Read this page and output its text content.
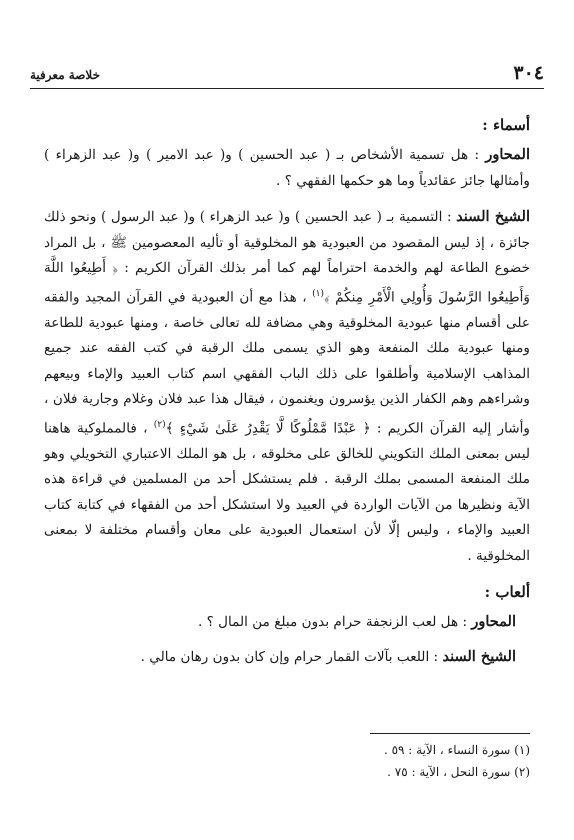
٣٠٤
خلاصة معرفية
أسماء :

المحاور : هل تسمية الأشخاص بـ ( عبد الحسين ) و( عبد الامير ) و( عبد الزهراء ) وأمثالها جائز عقائدياً وما هو حكمها الفقهي ؟ .

الشيخ السند : التسمية بـ ( عبد الحسين ) و( عبد الزهراء ) و( عبد الرسول ) ونحو ذلك جائزة ، إذ ليس المقصود من العبودية هو المخلوقية أو تأليه المعصومين ﷺ ، بل المراد خضوع الطاعة لهم والخدمة احتراماً لهم كما أمر بذلك القرآن الكريم : ﴿ أَطِيعُوا اللَّهَ وَأَطِيعُوا الرَّسُولَ وَأُولِي الْأَمْرِ مِنكُمْ ﴾$^{(١)}$ ، هذا مع أن العبودية في القرآن المجيد والفقه على أقسام منها عبودية المخلوقية وهي مضافة لله تعالى خاصة ، ومنها عبودية للطاعة ومنها عبودية ملك المنفعة وهو الذي يسمى ملك الرقبة في كتب الفقه عند جميع المذاهب الإسلامية وأطلقوا على ذلك الباب الفقهي اسم كتاب العبيد والإماء وبيعهم وشراءهم وهم الكفار الذين يؤسرون ويغنمون ، فيقال هذا عبد فلان وغلام وجارية فلان ، وأشار إليه القرآن الكريم : ﴿ عَبْدًا مَّمْلُوكًا لَّا يَقْدِرُ عَلَىٰ شَيْءٍ ﴾$^{(٢)}$ ، فالمملوكية هاهنا ليس بمعنى الملك التكويني للخالق على مخلوقه ، بل هو الملك الاعتباري التخويلي وهو ملك المنفعة المسمى بملك الرقبة . فلم يستشكل أحد من المسلمين في قراءة هذه الآية ونظيرها من الآيات الواردة في العبيد ولا استشكل أحد من الفقهاء في كتابة كتاب العبيد والإماء ، وليس إلّا لأن استعمال العبودية على معان وأقسام مختلفة لا بمعنى المخلوقية .

ألعاب :

المحاور : هل لعب الزنجفة حرام بدون مبلغ من المال ؟ .

الشيخ السند : اللعب بآلات القمار حرام وإن كان بدون رهان مالي .

(١) سورة النساء ، الآية : ٥٩ .

(٢) سورة النحل ، الآية : ٧٥ .
